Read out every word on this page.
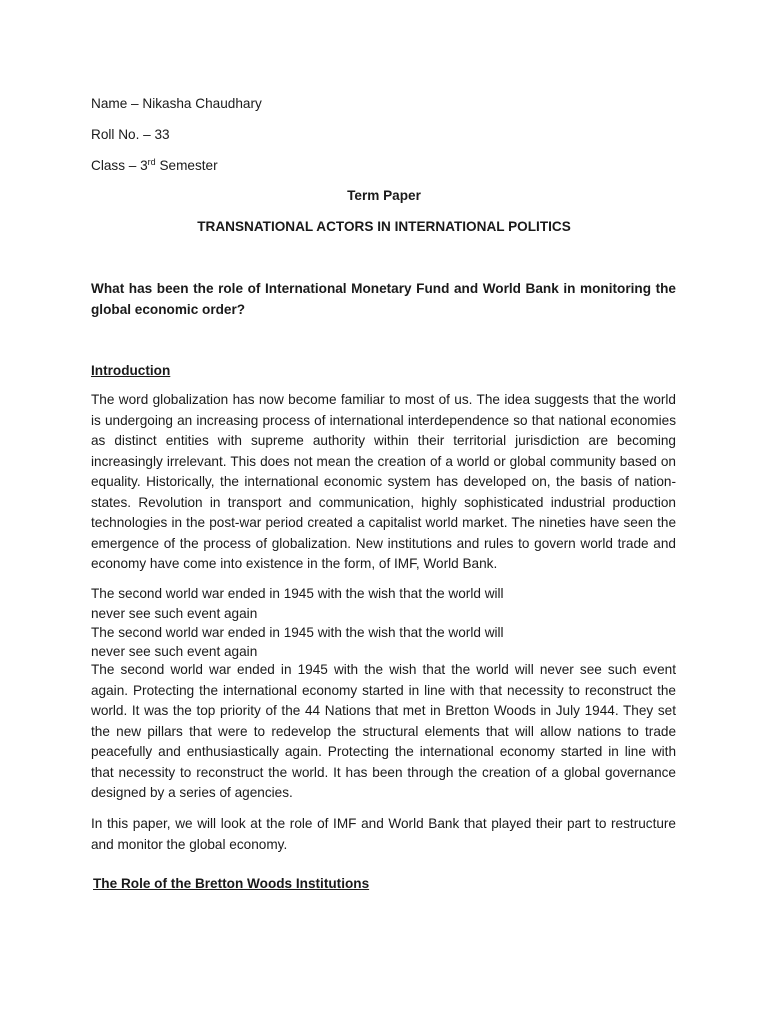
Name – Nikasha Chaudhary
Roll No. – 33
Class – 3rd Semester
Term Paper
TRANSNATIONAL ACTORS IN INTERNATIONAL POLITICS
What has been the role of International Monetary Fund and World Bank in monitoring the global economic order?
Introduction
The word globalization has now become familiar to most of us. The idea suggests that the world is undergoing an increasing process of international interdependence so that national economies as distinct entities with supreme authority within their territorial jurisdiction are becoming increasingly irrelevant. This does not mean the creation of a world or global community based on equality. Historically, the international economic system has developed on, the basis of nation-states. Revolution in transport and communication, highly sophisticated industrial production technologies in the post-war period created a capitalist world market. The nineties have seen the emergence of the process of globalization. New institutions and rules to govern world trade and economy have come into existence in the form, of IMF, World Bank.
The second world war ended in 1945 with the wish that the world will
never see such event again
The second world war ended in 1945 with the wish that the world will
never see such event again
The second world war ended in 1945 with the wish that the world will never see such event again. Protecting the international economy started in line with that necessity to reconstruct the world. It was the top priority of the 44 Nations that met in Bretton Woods in July 1944. They set the new pillars that were to redevelop the structural elements that will allow nations to trade peacefully and enthusiastically again. Protecting the international economy started in line with that necessity to reconstruct the world. It has been through the creation of a global governance designed by a series of agencies.
In this paper, we will look at the role of IMF and World Bank that played their part to restructure and monitor the global economy.
The Role of the Bretton Woods Institutions
